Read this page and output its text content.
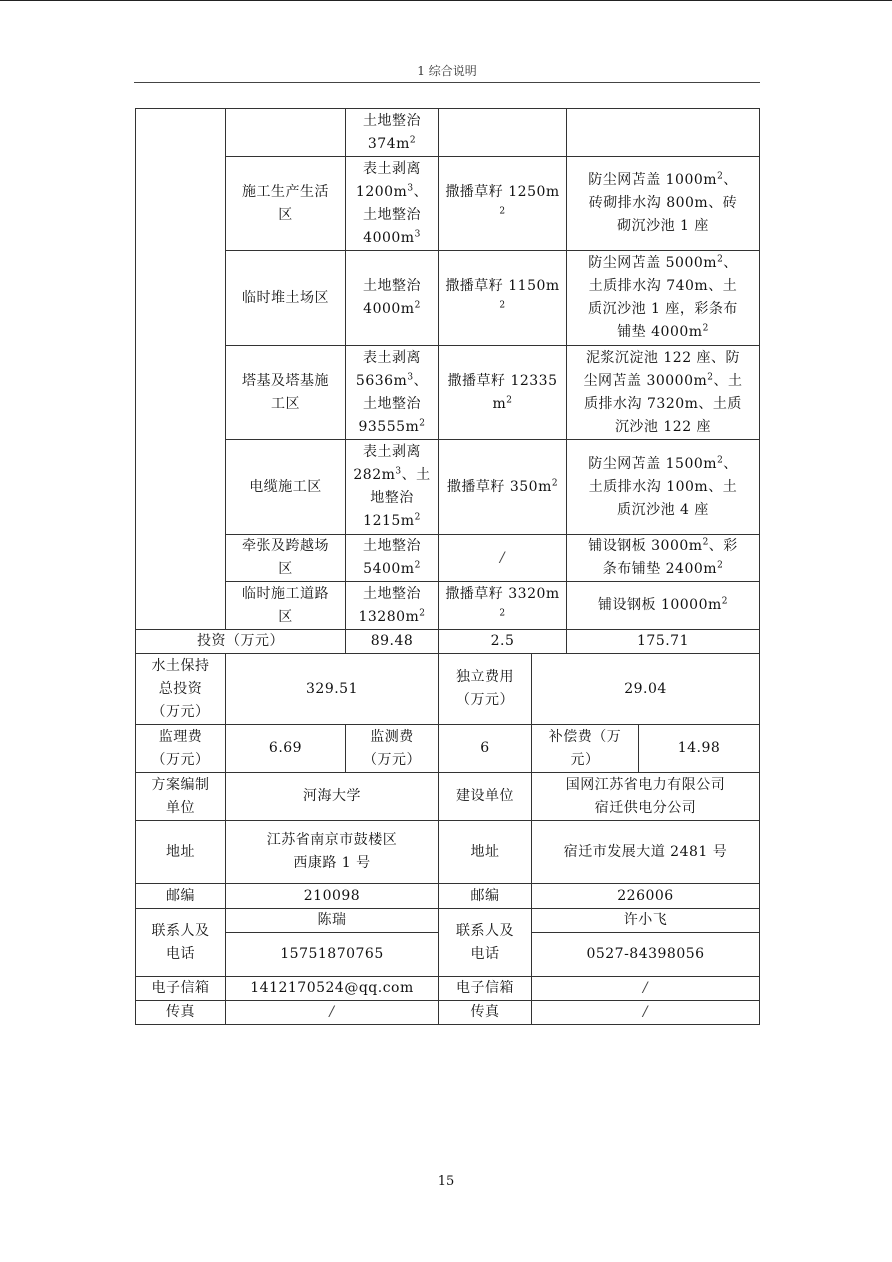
1 综合说明

		土地整治
$374m^2$

	施工生产生活
区	表土剥离
$1200m^3$、
土地整治
$4000m^3$	撒播草籽 $1250m^2$		防尘网苫盖 $1000m^2$、
砖砌排水沟 800m、砖
砌沉沙池 1 座	

	临时堆土场区	土地整治
$4000m^2$	撒播草籽 $1150m^2$		防尘网苫盖 $5000m^2$、
土质排水沟 740m、土
质沉沙池 1 座，彩条布
铺垫 $4000m^2$

	塔基及塔基施
工区	表土剥离
$5636m^3$、
土地整治
$93555m^2$	撒播草籽 $12335m^2$		泥浆沉淀池 122 座、防
尘网苫盖 $30000m^2$、土
质排水沟 7320m、土质
沉沙池 122 座	

	电缆施工区	表土剥离
$282m^3$、土
地整治
$1215m^2$	撒播草籽 $350m^2$		防尘网苫盖 $1500m^2$、
土质排水沟 100m、土
质沉沙池 4 座	

	牵张及跨越场
区	土地整治
$5400m^2$	/		铺设钢板 $3000m^2$、彩
条布铺垫 $2400m^2$

	临时施工道路
区	土地整治
$13280m^2$	撒播草籽 $3320m^2$		铺设钢板 $10000m^2$

投资（万元）		89.48	2.5		175.71	

水土保持
总投资
（万元）	329.51		独立费用
（万元）	29.04		

监理费
（万元）	6.69	监测费
（万元）	6	补偿费（万
元）		14.98

方案编制
单位	河海大学		建设单位	国网江苏省电力有限公司
宿迁供电分公司		

地址	江苏省南京市鼓楼区
西康路 1 号		地址	宿迁市发展大道 2481 号		
邮编	210098		邮编	226006		

联系人及
电话	陈瑞		联系人及
电话	许小飞		
	15751870765			0527-84398056		
电子信箱	1412170524@qq.com		电子信箱	/		
传真	/		传真	/		
15
